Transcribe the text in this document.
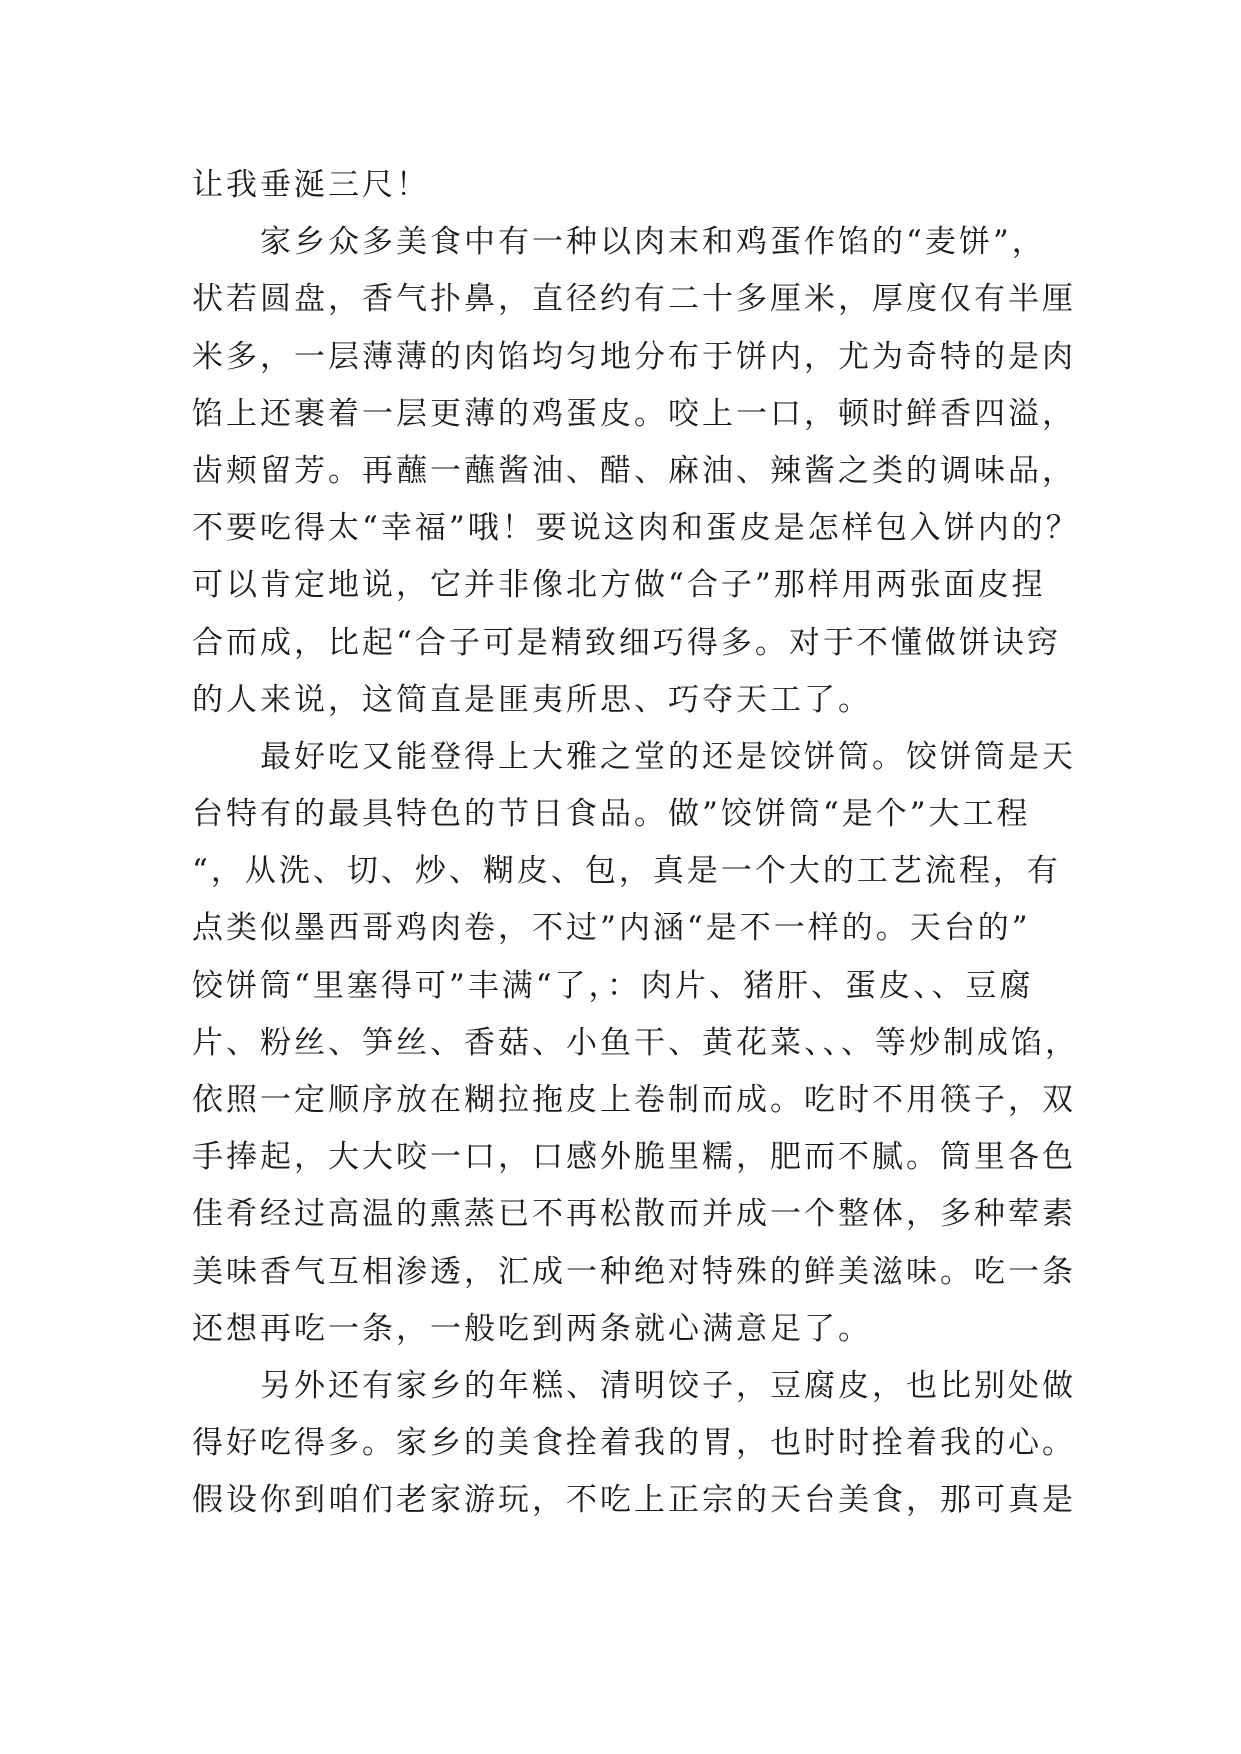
让我垂涎三尺！
家乡众多美食中有一种以肉末和鸡蛋作馅的“麦饼”，
状若圆盘，香气扑鼻，直径约有二十多厘米，厚度仅有半厘
米多，一层薄薄的肉馅均匀地分布于饼内，尤为奇特的是肉
馅上还裹着一层更薄的鸡蛋皮。咬上一口，顿时鲜香四溢，
齿颊留芳。再蘸一蘸酱油、醋、麻油、辣酱之类的调味品，
不要吃得太“幸福”哦！要说这肉和蛋皮是怎样包入饼内的？
可以肯定地说，它并非像北方做“合子”那样用两张面皮捏
合而成，比起“合子可是精致细巧得多。对于不懂做饼诀窍
的人来说，这简直是匪夷所思、巧夺天工了。
最好吃又能登得上大雅之堂的还是饺饼筒。饺饼筒是天
台特有的最具特色的节日食品。做”饺饼筒“是个”大工程
“，从洗、切、炒、糊皮、包，真是一个大的工艺流程，有
点类似墨西哥鸡肉卷，不过”内涵“是不一样的。天台的”
饺饼筒“里塞得可”丰满“了，：肉片、猪肝、蛋皮、、豆腐
片、粉丝、笋丝、香菇、小鱼干、黄花菜、、、等炒制成馅，
依照一定顺序放在糊拉拖皮上卷制而成。吃时不用筷子，双
手捧起，大大咬一口，口感外脆里糯，肥而不腻。筒里各色
佳肴经过高温的熏蒸已不再松散而并成一个整体，多种荤素
美味香气互相渗透，汇成一种绝对特殊的鲜美滋味。吃一条
还想再吃一条，一般吃到两条就心满意足了。
另外还有家乡的年糕、清明饺子，豆腐皮，也比别处做
得好吃得多。家乡的美食拴着我的胃，也时时拴着我的心。
假设你到咱们老家游玩，不吃上正宗的天台美食，那可真是
